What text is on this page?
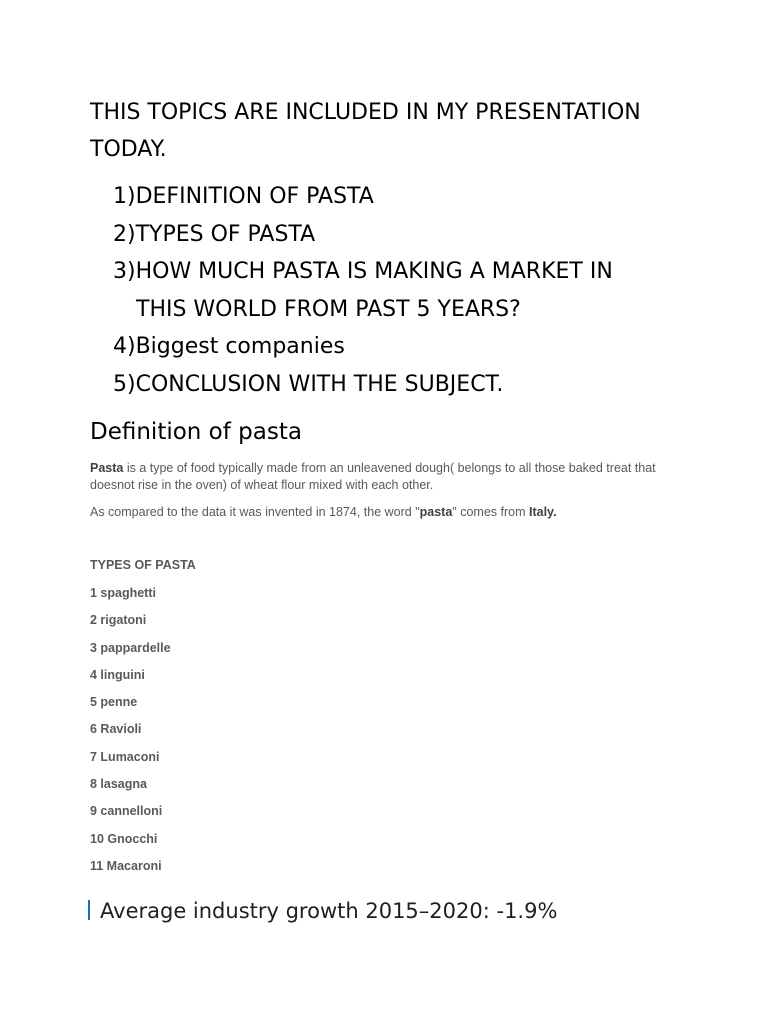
THIS TOPICS ARE INCLUDED IN MY PRESENTATION
TODAY.

1)DEFINITION OF PASTA
2)TYPES OF PASTA
3)HOW MUCH PASTA IS MAKING A MARKET IN
THIS WORLD FROM PAST 5 YEARS?
4)Biggest companies
5)CONCLUSION WITH THE SUBJECT.
Definition of pasta

Pasta is a type of food typically made from an unleavened dough( belongs to all those baked treat that doesnot rise in the oven) of wheat flour mixed with each other.

As compared to the data it was invented in 1874, the word "pasta" comes from Italy.

TYPES OF PASTA

1 spaghetti
2 rigatoni
3 pappardelle
4 linguini
5 penne
6 Ravioli
7 Lumaconi
8 lasagna
9 cannelloni
10 Gnocchi
11 Macaroni

Average industry growth 2015–2020: -1.9%
